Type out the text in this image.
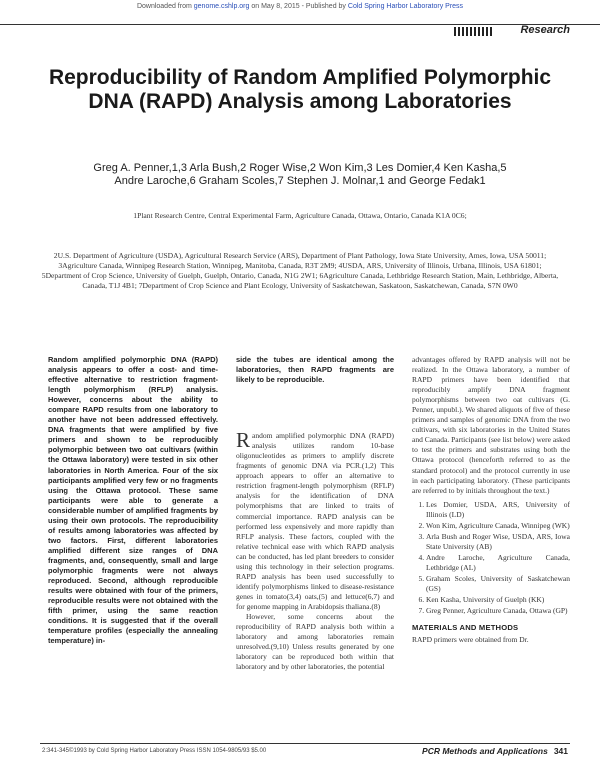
Downloaded from genome.cshlp.org on May 8, 2015 - Published by Cold Spring Harbor Laboratory Press
Research
Reproducibility of Random Amplified Polymorphic DNA (RAPD) Analysis among Laboratories
Greg A. Penner,1,3 Arla Bush,2 Roger Wise,2 Won Kim,3 Les Domier,4 Ken Kasha,5
Andre Laroche,6 Graham Scoles,7 Stephen J. Molnar,1 and George Fedak1
1Plant Research Centre, Central Experimental Farm, Agriculture Canada, Ottawa, Ontario, Canada K1A 0C6;
2U.S. Department of Agriculture (USDA), Agricultural Research Service (ARS), Department of Plant Pathology, Iowa State University, Ames, Iowa, USA 50011; 3Agriculture Canada, Winnipeg Research Station, Winnipeg, Manitoba, Canada, R3T 2M9; 4USDA, ARS, University of Illinois, Urbana, Illinois, USA 61801; 5Department of Crop Science, University of Guelph, Guelph, Ontario, Canada, N1G 2W1; 6Agriculture Canada, Lethbridge Research Station, Main, Lethbridge, Alberta, Canada, T1J 4B1; 7Department of Crop Science and Plant Ecology, University of Saskatchewan, Saskatoon, Saskatchewan, Canada, S7N 0W0
Random amplified polymorphic DNA (RAPD) analysis appears to offer a cost- and time-effective alternative to restriction fragment-length polymorphism (RFLP) analysis. However, concerns about the ability to compare RAPD results from one laboratory to another have not been addressed effectively. DNA fragments that were amplified by five primers and shown to be reproducibly polymorphic between two oat cultivars (within the Ottawa laboratory) were tested in six other laboratories in North America. Four of the six participants amplified very few or no fragments using the Ottawa protocol. These same participants were able to generate a considerable number of amplified fragments by using their own protocols. The reproducibility of results among laboratories was affected by two factors. First, different laboratories amplified different size ranges of DNA fragments, and, consequently, small and large polymorphic fragments were not always reproduced. Second, although reproducible results were obtained with four of the primers, reproducible results were not obtained with the fifth primer, using the same reaction conditions. It is suggested that if the overall temperature profiles (especially the annealing temperature) in-
side the tubes are identical among the laboratories, then RAPD fragments are likely to be reproducible.

Random amplified polymorphic DNA (RAPD) analysis utilizes random 10-base oligonucleotides as primers to amplify discrete fragments of genomic DNA via PCR.(1,2) This approach appears to offer an alternative to restriction fragment-length polymorphism (RFLP) analysis for the identification of DNA polymorphisms that are linked to traits of commercial importance. RAPD analysis can be performed less expensively and more rapidly than RFLP analysis. These factors, coupled with the relative technical ease with which RAPD analysis can be conducted, has led plant breeders to consider using this technology in their selection programs. RAPD analysis has been used successfully to identify polymorphisms linked to disease-resistance genes in tomato(3,4) oats,(5) and lettuce(6,7) and for genome mapping in Arabidopsis thaliana.(8)

However, some concerns about the reproducibility of RAPD analysis both within a laboratory and among laboratories remain unresolved.(9,10) Unless results generated by one laboratory can be reproduced both within that laboratory and by other laboratories, the potential

advantages offered by RAPD analysis will not be realized. In the Ottawa laboratory, a number of RAPD primers have been identified that reproducibly amplify DNA fragment polymorphisms between two oat cultivars (G. Penner, unpubl.). We shared aliquots of five of these primers and samples of genomic DNA from the two cultivars, with six laboratories in the United States and Canada. Participants (see list below) were asked to test the primers and substrates using both the Ottawa protocol (henceforth referred to as the standard protocol) and the protocol currently in use in each participating laboratory. (These participants are referred to by initials throughout the text.)

1. Les Domier, USDA, ARS, University of Illinois (LD)
2. Won Kim, Agriculture Canada, Winnipeg (WK)
3. Arla Bush and Roger Wise, USDA, ARS, Iowa State University (AB)
4. Andre Laroche, Agriculture Canada, Lethbridge (AL)
5. Graham Scoles, University of Saskatchewan (GS)
6. Ken Kasha, University of Guelph (KK)
7. Greg Penner, Agriculture Canada, Ottawa (GP)
MATERIALS AND METHODS

RAPD primers were obtained from Dr.

2:341-345©1993 by Cold Spring Harbor Laboratory Press ISSN 1054-9805/93 $5.00	PCR Methods and Applications 341
